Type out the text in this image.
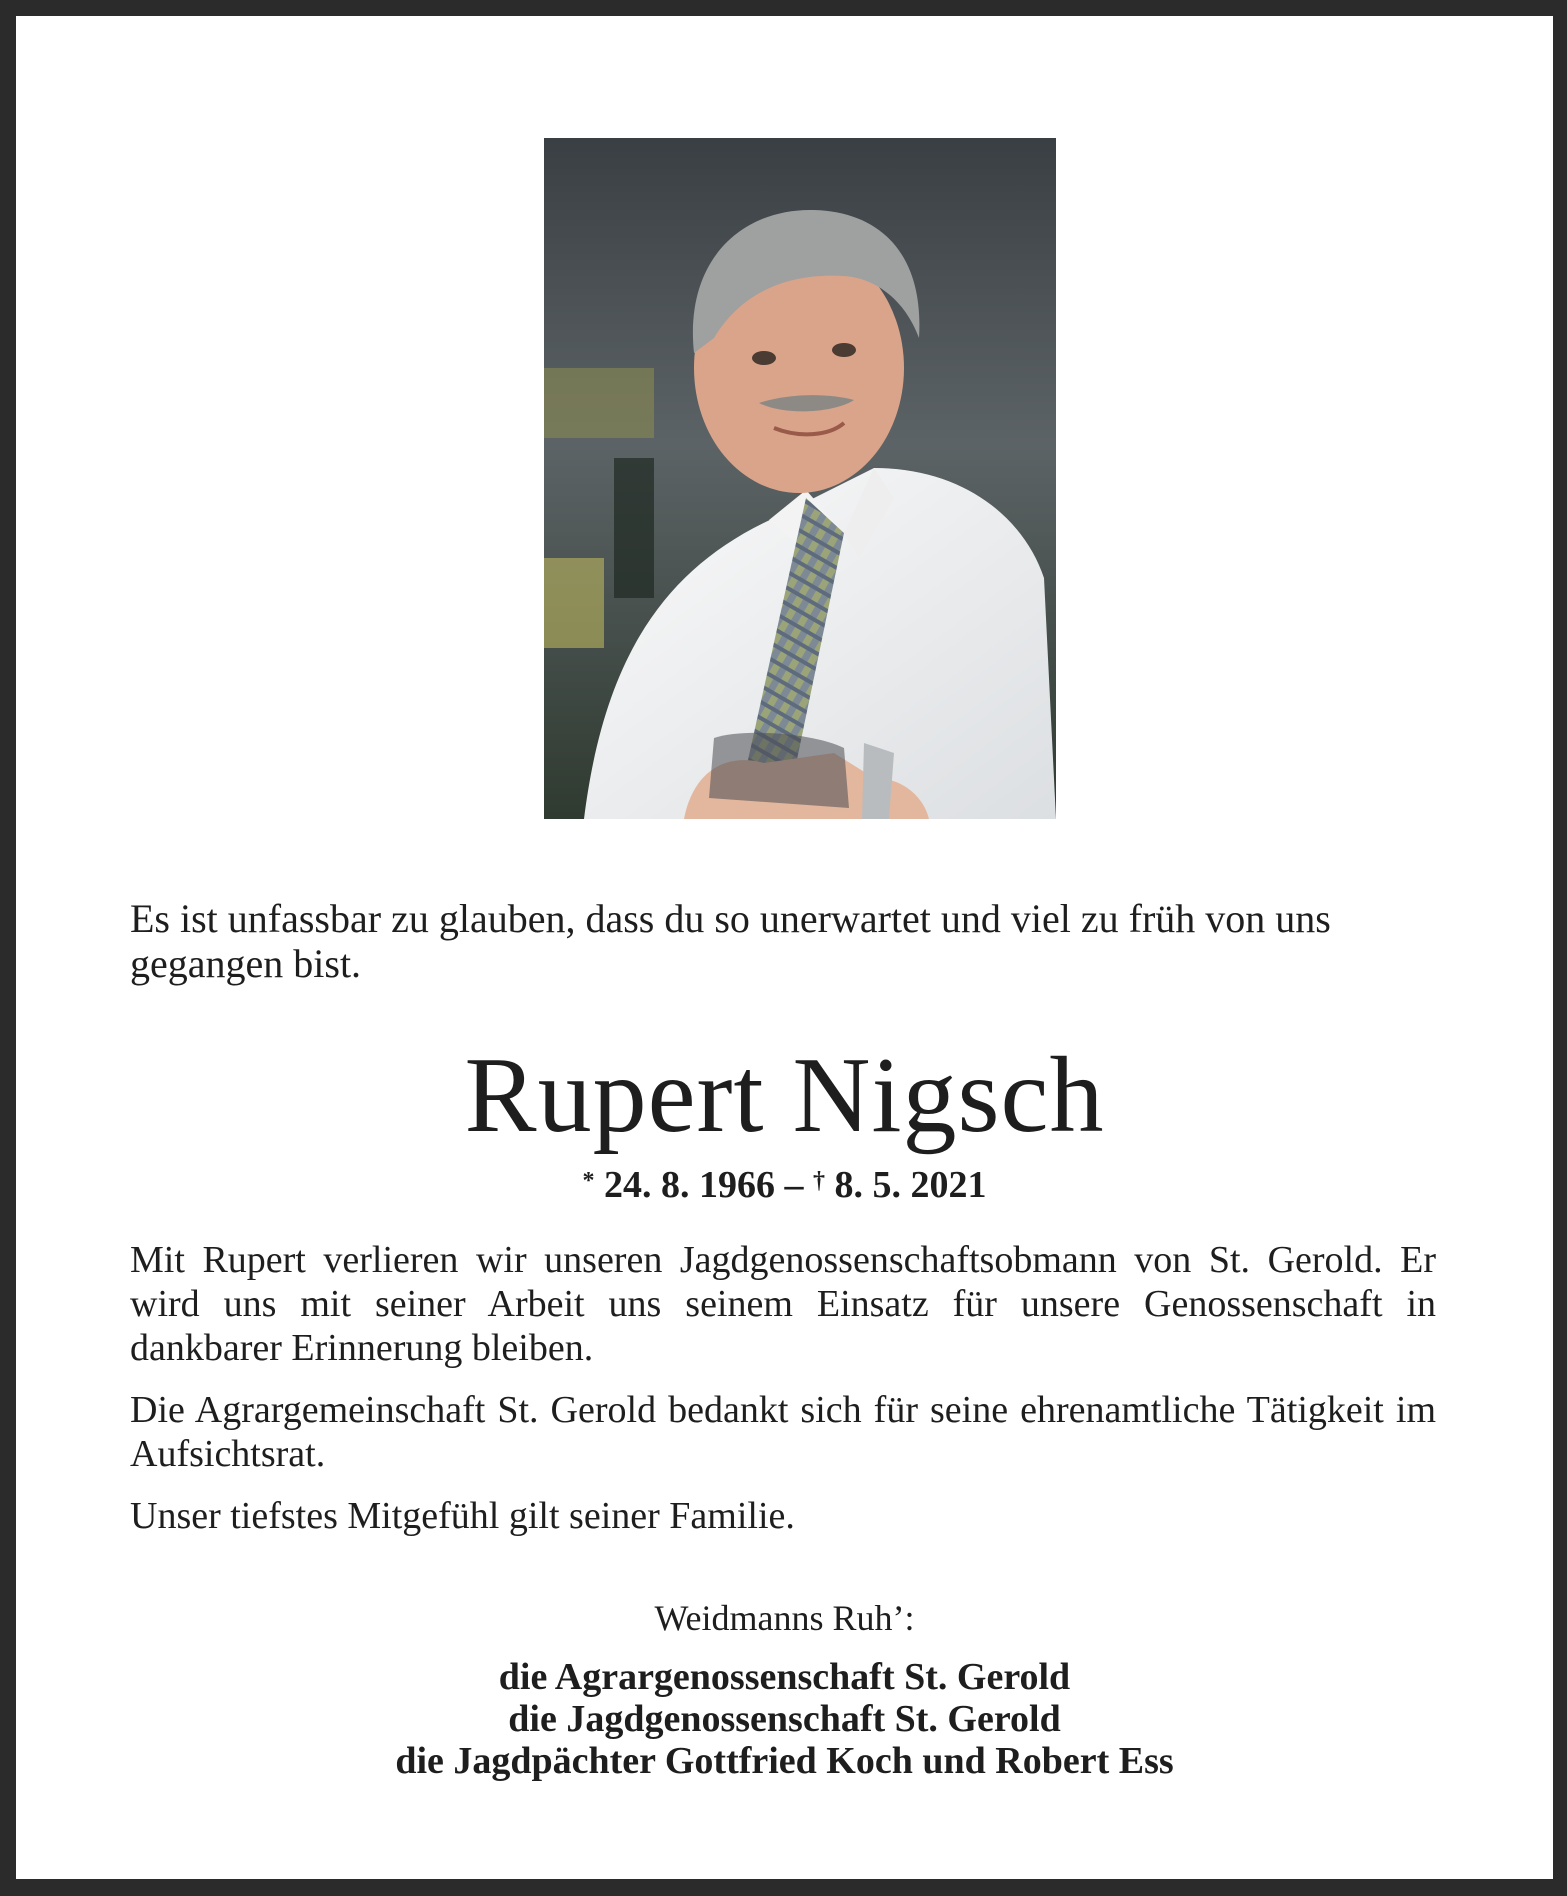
Es ist unfassbar zu glauben, dass du so unerwartet und viel zu früh von uns gegangen bist.

Rupert Nigsch
* 24. 8. 1966 – † 8. 5. 2021

Mit Rupert verlieren wir unseren Jagdgenossenschaftsobmann von St. Gerold. Er wird uns mit seiner Arbeit uns seinem Einsatz für unsere Genossenschaft in dankbarer Erinnerung bleiben.

Die Agrargemeinschaft St. Gerold bedankt sich für seine ehrenamtliche Tätigkeit im Aufsichtsrat.

Unser tiefstes Mitgefühl gilt seiner Familie.

Weidmanns Ruh’:

die Agrargenossenschaft St. Gerold

die Jagdgenossenschaft St. Gerold

die Jagdpächter Gottfried Koch und Robert Ess
